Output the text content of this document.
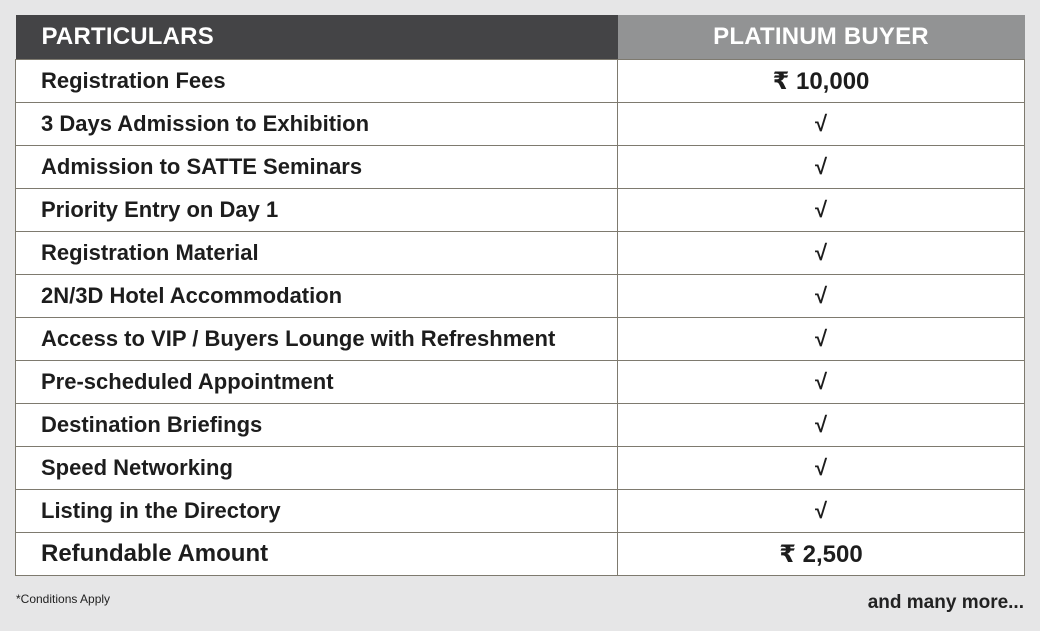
PARTICULARS	PLATINUM BUYER
Registration Fees	₹ 10,000
3 Days Admission to Exhibition	√
Admission to SATTE Seminars	√
Priority Entry on Day 1	√
Registration Material	√
2N/3D Hotel Accommodation	√
Access to VIP / Buyers Lounge with Refreshment	√
Pre-scheduled Appointment	√
Destination Briefings	√
Speed Networking	√
Listing in the Directory	√
Refundable Amount	₹ 2,500
*Conditions Apply	and many more...
